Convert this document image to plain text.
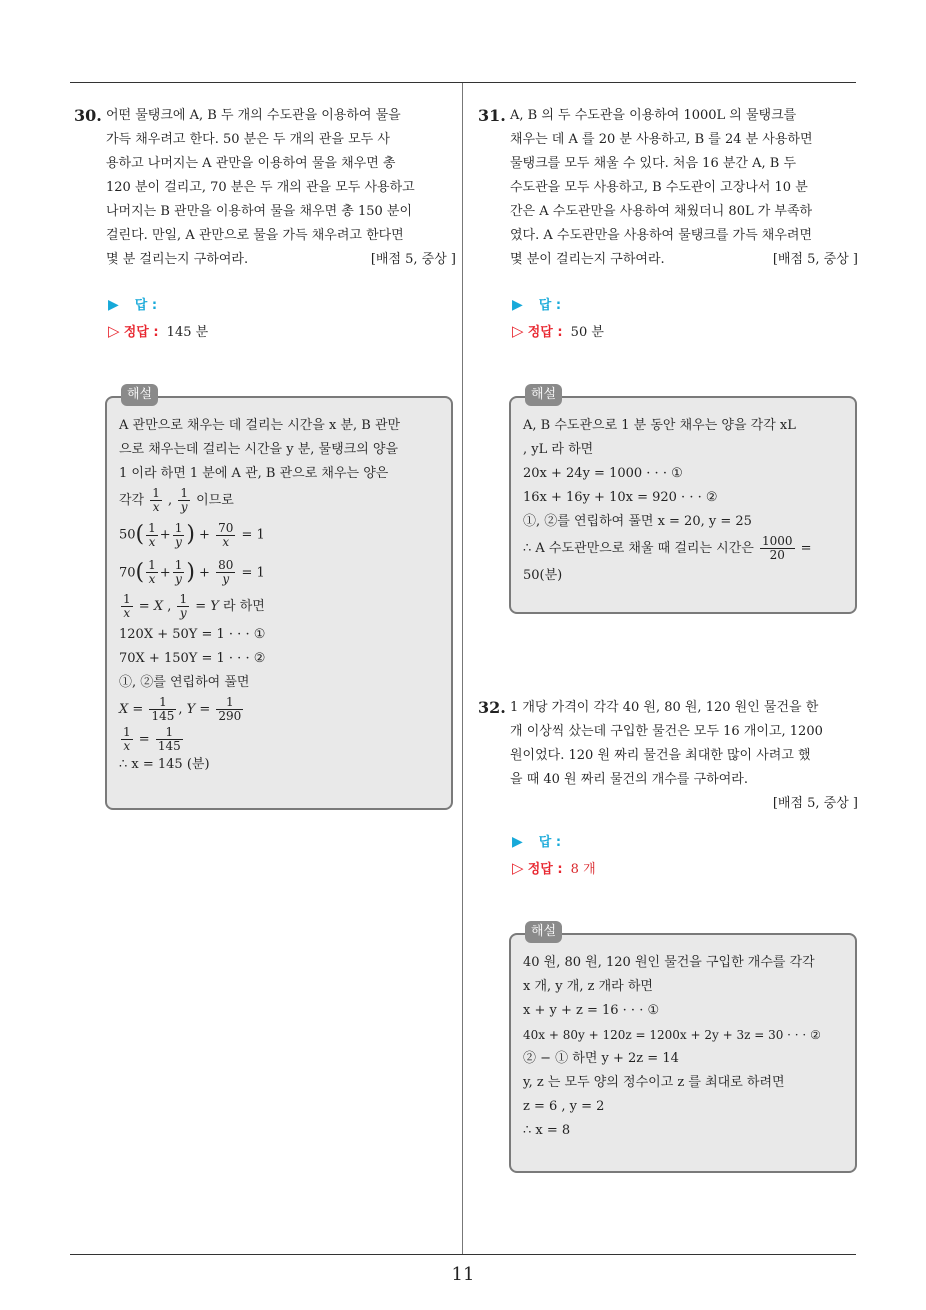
30. 어떤 물탱크에 A, B 두 개의 수도관을 이용하여 물을
가득 채우려고 한다. 50 분은 두 개의 관을 모두 사
용하고 나머지는 A 관만을 이용하여 물을 채우면 총
120 분이 걸리고, 70 분은 두 개의 관을 모두 사용하고
나머지는 B 관만을 이용하여 물을 채우면 총 150 분이
걸린다. 만일, A 관만으로 물을 가득 채우려고 한다면
몇 분 걸리는지 구하여라.	[배점 5, 중상 ]
▶ 답 :
▷ 정답 : 145 분
해설
A 관만으로 채우는 데 걸리는 시간을 x 분, B 관만
으로 채우는데 걸리는 시간을 y 분, 물탱크의 양을
1 이라 하면 1 분에 A 관, B 관으로 채우는 양은
각각 $\frac{1}{x}$ , $\frac{1}{y}$ 이므로
$50( \frac{1}{x} + \frac{1}{y}$ ) + $\frac{70}{x} = 1$
$70( \frac{1}{x} + \frac{1}{y}$ ) + $\frac{80}{y} = 1$
$\frac{1}{x} = X$ , $\frac{1}{y} = Y$ 라 하면
120X + 50Y = 1 · · · ①
70X + 150Y = 1 · · · ②
①, ②를 연립하여 풀면
$X = \frac{1}{145}$ , $Y = \frac{1}{290}$
$\frac{1}{x} = \frac{1}{145}$
∴ x = 145 (분)
31. A, B 의 두 수도관을 이용하여 1000L 의 물탱크를
채우는 데 A 를 20 분 사용하고, B 를 24 분 사용하면
물탱크를 모두 채울 수 있다. 처음 16 분간 A, B 두
수도관을 모두 사용하고, B 수도관이 고장나서 10 분
간은 A 수도관만을 사용하여 채웠더니 80L 가 부족하
였다. A 수도관만을 사용하여 물탱크를 가득 채우려면
몇 분이 걸리는지 구하여라.	[배점 5, 중상 ]
▶ 답 :
▷ 정답 : 50 분
해설
A, B 수도관으로 1 분 동안 채우는 양을 각각 xL
, yL 라 하면
20x + 24y = 1000 · · · ①
16x + 16y + 10x = 920 · · · ②
①, ②를 연립하여 풀면 x = 20, y = 25
∴ A 수도관만으로 채울 때 걸리는 시간은 $\frac{1000}{20}$ =
50(분)
32. 1 개당 가격이 각각 40 원, 80 원, 120 원인 물건을 한
개 이상씩 샀는데 구입한 물건은 모두 16 개이고, 1200
원이었다. 120 원 짜리 물건을 최대한 많이 사려고 했
을 때 40 원 짜리 물건의 개수를 구하여라.
[배점 5, 중상 ]
▶ 답 :
▷ 정답 : 8 개
해설
40 원, 80 원, 120 원인 물건을 구입한 개수를 각각
x 개, y 개, z 개라 하면
x + y + z = 16 · · · ①
40x + 80y + 120z = 1200x + 2y + 3z = 30 · · · ②
② − ① 하면 y + 2z = 14
y, z 는 모두 양의 정수이고 z 를 최대로 하려면
z = 6 , y = 2
∴ x = 8
11
